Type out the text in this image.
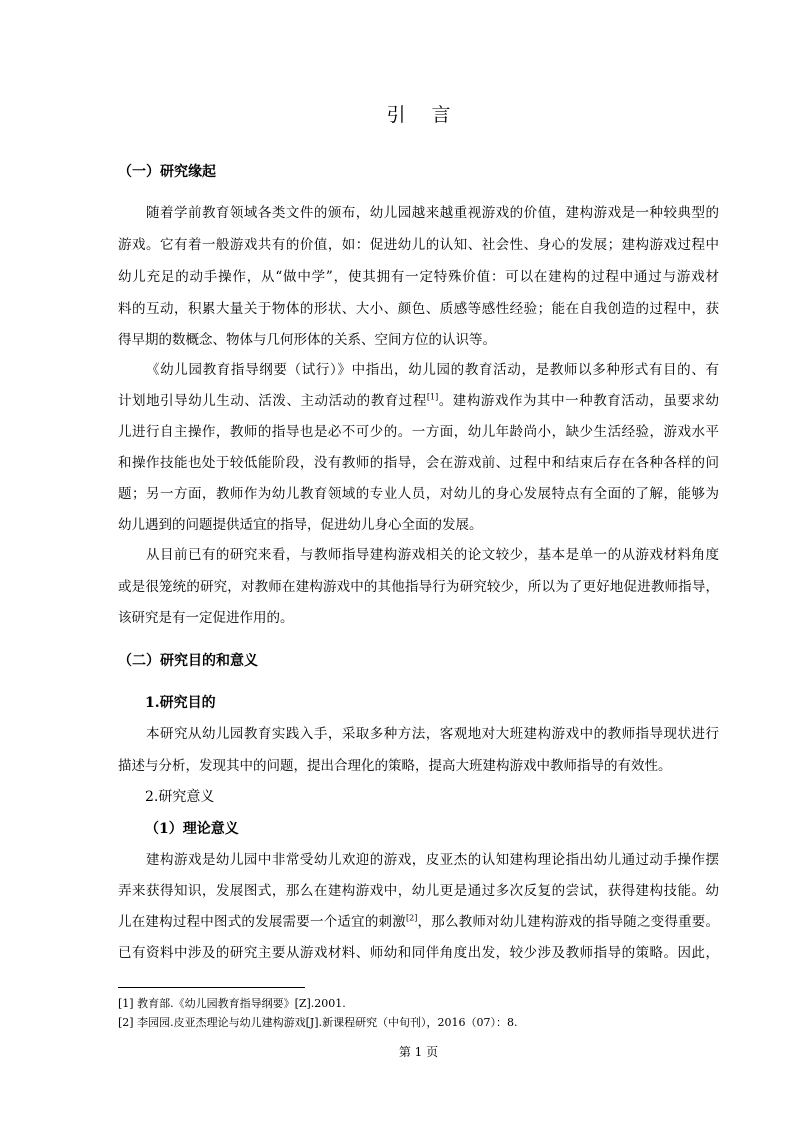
引 言
（一）研究缘起
随着学前教育领域各类文件的颁布，幼儿园越来越重视游戏的价值，建构游戏是一种较典型的
游戏。它有着一般游戏共有的价值，如：促进幼儿的认知、社会性、身心的发展；建构游戏过程中
幼儿充足的动手操作，从“做中学”，使其拥有一定特殊价值：可以在建构的过程中通过与游戏材
料的互动，积累大量关于物体的形状、大小、颜色、质感等感性经验；能在自我创造的过程中，获
得早期的数概念、物体与几何形体的关系、空间方位的认识等。
《幼儿园教育指导纲要（试行）》中指出，幼儿园的教育活动，是教师以多种形式有目的、有
计划地引导幼儿生动、活泼、主动活动的教育过程[1]。建构游戏作为其中一种教育活动，虽要求幼
儿进行自主操作，教师的指导也是必不可少的。一方面，幼儿年龄尚小，缺少生活经验，游戏水平
和操作技能也处于较低能阶段，没有教师的指导，会在游戏前、过程中和结束后存在各种各样的问
题；另一方面，教师作为幼儿教育领域的专业人员，对幼儿的身心发展特点有全面的了解，能够为
幼儿遇到的问题提供适宜的指导，促进幼儿身心全面的发展。
从目前已有的研究来看，与教师指导建构游戏相关的论文较少，基本是单一的从游戏材料角度
或是很笼统的研究，对教师在建构游戏中的其他指导行为研究较少，所以为了更好地促进教师指导，
该研究是有一定促进作用的。
（二）研究目的和意义
1.研究目的
本研究从幼儿园教育实践入手，采取多种方法，客观地对大班建构游戏中的教师指导现状进行
描述与分析，发现其中的问题，提出合理化的策略，提高大班建构游戏中教师指导的有效性。
2.研究意义
（1）理论意义
建构游戏是幼儿园中非常受幼儿欢迎的游戏，皮亚杰的认知建构理论指出幼儿通过动手操作摆
弄来获得知识，发展图式，那么在建构游戏中，幼儿更是通过多次反复的尝试，获得建构技能。幼
儿在建构过程中图式的发展需要一个适宜的刺激[2]，那么教师对幼儿建构游戏的指导随之变得重要。
已有资料中涉及的研究主要从游戏材料、师幼和同伴角度出发，较少涉及教师指导的策略。因此，
[1] 教育部.《幼儿园教育指导纲要》[Z].2001.
[2] 李园园.皮亚杰理论与幼儿建构游戏[J].新课程研究（中旬刊），2016（07）：8.
第 1 页
